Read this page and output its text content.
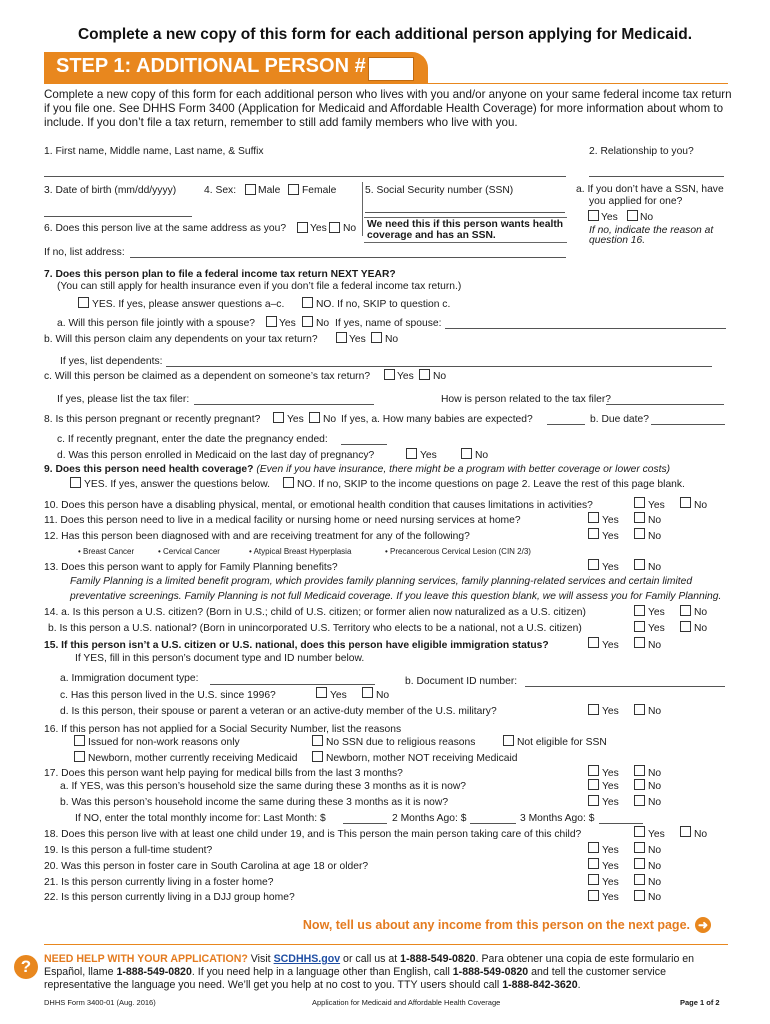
Complete a new copy of this form for each additional person applying for Medicaid.
STEP 1: ADDITIONAL PERSON #
Complete a new copy of this form for each additional person who lives with you and/or anyone on your same federal income tax return if you file one. See DHHS Form 3400 (Application for Medicaid and Affordable Health Coverage) for more information about whom to include. If you don’t file a tax return, remember to still add family members who live with you.
1. First name, Middle name, Last name, & Suffix	2. Relationship to you?
3. Date of birth (mm/dd/yyyy)	4. Sex: Male Female	5. Social Security number (SSN)
We need this if this person wants health coverage and has an SSN.
a. If you don’t have a SSN, have
you applied for one?
Yes No
If no, indicate the reason at
question 16.
6. Does this person live at the same address as you? Yes No
If no, list address:
7. Does this person plan to file a federal income tax return NEXT YEAR?
(You can still apply for health insurance even if you don’t file a federal income tax return.)
YES. If yes, please answer questions a–c.	NO. If no, SKIP to question c.
a. Will this person file jointly with a spouse? Yes No If yes, name of spouse:
b. Will this person claim any dependents on your tax return?	Yes No
If yes, list dependents:
c. Will this person be claimed as a dependent on someone’s tax return?	Yes No
If yes, please list the tax filer:	How is person related to the tax filer?
8. Is this person pregnant or recently pregnant?	Yes No If yes, a. How many babies are expected?	b. Due date?
c. If recently pregnant, enter the date the pregnancy ended:
d. Was this person enrolled in Medicaid on the last day of pregnancy?	Yes	No
9. Does this person need health coverage? (Even if you have insurance, there might be a program with better coverage or lower costs)
YES. If yes, answer the questions below.	NO. If no, SKIP to the income questions on page 2. Leave the rest of this page blank.
10. Does this person have a disabling physical, mental, or emotional health condition that causes limitations in activities?	Yes	No
11. Does this person need to live in a medical facility or nursing home or need nursing services at home?	Yes	No
12. Has this person been diagnosed with and are receiving treatment for any of the following?	Yes	No
• Breast Cancer	• Cervical Cancer	• Atypical Breast Hyperplasia	• Precancerous Cervical Lesion (CIN 2/3)
13. Does this person want to apply for Family Planning benefits?	Yes	No
Family Planning is a limited benefit program, which provides family planning services, family planning-related services and certain limited
preventative screenings. Family Planning is not full Medicaid coverage. If you leave this question blank, we will assess you for Family Planning.
14. a. Is this person a U.S. citizen? (Born in U.S.; child of U.S. citizen; or former alien now naturalized as a U.S. citizen)	Yes	No
b. Is this person a U.S. national? (Born in unincorporated U.S. Territory who elects to be a national, not a U.S. citizen)	Yes	No
15. If this person isn’t a U.S. citizen or U.S. national, does this person have eligible immigration status?	Yes	No
If YES, fill in this person’s document type and ID number below.
a. Immigration document type:	b. Document ID number:
c. Has this person lived in the U.S. since 1996?	Yes	No
d. Is this person, their spouse or parent a veteran or an active-duty member of the U.S. military?	Yes	No
16. If this person has not applied for a Social Security Number, list the reasons
Issued for non-work reasons only	No SSN due to religious reasons	Not eligible for SSN
Newborn, mother currently receiving Medicaid	Newborn, mother NOT receiving Medicaid
17. Does this person want help paying for medical bills from the last 3 months?	Yes	No
a. If YES, was this person’s household size the same during these 3 months as it is now?	Yes	No
b. Was this person’s household income the same during these 3 months as it is now?	Yes	No
If NO, enter the total monthly income for: Last Month: $	2 Months Ago: $	3 Months Ago: $
18. Does this person live with at least one child under 19, and is This person the main person taking care of this child?	Yes	No
19. Is this person a full-time student?	Yes	No
20. Was this person in foster care in South Carolina at age 18 or older?	Yes	No
21. Is this person currently living in a foster home?	Yes	No
22. Is this person currently living in a DJJ group home?	Yes	No
Now, tell us about any income from this person on the next page. ➜
?	NEED HELP WITH YOUR APPLICATION? Visit SCDHHS.gov or call us at 1-888-549-0820. Para obtener una copia de este formulario en Español, llame 1-888-549-0820. If you need help in a language other than English, call 1-888-549-0820 and tell the customer service representative the language you need. We’ll get you help at no cost to you. TTY users should call 1-888-842-3620.
DHHS Form 3400-01 (Aug. 2016)	Application for Medicaid and Affordable Health Coverage	Page 1 of 2
